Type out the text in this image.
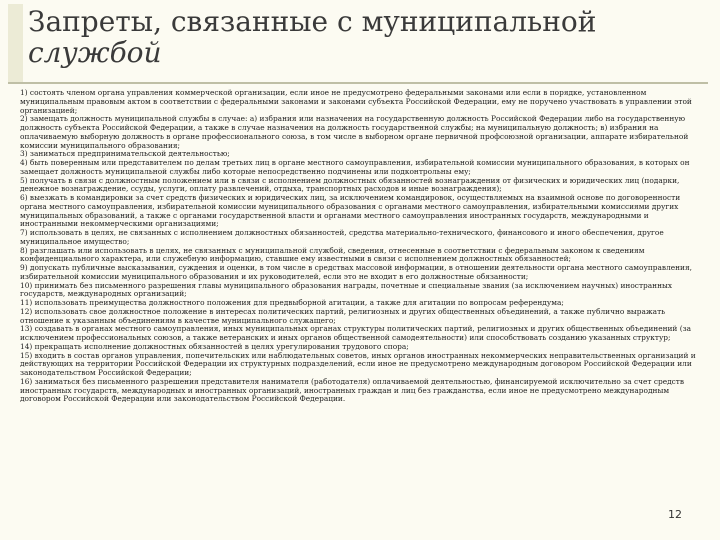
Запреты, связанные с муниципальной
службой

1) состоять членом органа управления коммерческой организации, если иное не предусмотрено федеральными законами или если в порядке, установленном муниципальным правовым актом в соответствии с федеральными законами и законами субъекта Российской Федерации, ему не поручено участвовать в управлении этой организацией;

2) замещать должность муниципальной службы в случае: а) избрания или назначения на государственную должность Российской Федерации либо на государственную должность субъекта Российской Федерации, а также в случае назначения на должность государственной службы; на муниципальную должность; в) избрания на оплачиваемую выборную должность в органе профессионального союза, в том числе в выборном органе первичной профсоюзной организации, аппарате избирательной комиссии муниципального образования;

3) заниматься предпринимательской деятельностью;

4) быть поверенным или представителем по делам третьих лиц в органе местного самоуправления, избирательной комиссии муниципального образования, в которых он замещает должность муниципальной службы либо которые непосредственно подчинены или подконтрольны ему;

5) получать в связи с должностным положением или в связи с исполнением должностных обязанностей вознаграждения от физических и юридических лиц (подарки, денежное вознаграждение, ссуды, услуги, оплату развлечений, отдыха, транспортных расходов и иные вознаграждения);

6) выезжать в командировки за счет средств физических и юридических лиц, за исключением командировок, осуществляемых на взаимной основе по договоренности органа местного самоуправления, избирательной комиссии муниципального образования с органами местного самоуправления, избирательными комиссиями других муниципальных образований, а также с органами государственной власти и органами местного самоуправления иностранных государств, международными и иностранными некоммерческими организациями;

7) использовать в целях, не связанных с исполнением должностных обязанностей, средства материально-технического, финансового и иного обеспечения, другое муниципальное имущество;

8) разглашать или использовать в целях, не связанных с муниципальной службой, сведения, отнесенные в соответствии с федеральным законом к сведениям конфиденциального характера, или служебную информацию, ставшие ему известными в связи с исполнением должностных обязанностей;

9) допускать публичные высказывания, суждения и оценки, в том числе в средствах массовой информации, в отношении деятельности органа местного самоуправления, избирательной комиссии муниципального образования и их руководителей, если это не входит в его должностные обязанности;

10) принимать без письменного разрешения главы муниципального образования награды, почетные и специальные звания (за исключением научных) иностранных государств, международных организаций;

11) использовать преимущества должностного положения для предвыборной агитации, а также для агитации по вопросам референдума;

12) использовать свое должностное положение в интересах политических партий, религиозных и других общественных объединений, а также публично выражать отношение к указанным объединениям в качестве муниципального служащего;

13) создавать в органах местного самоуправления, иных муниципальных органах структуры политических партий, религиозных и других общественных объединений (за исключением профессиональных союзов, а также ветеранских и иных органов общественной самодеятельности) или способствовать созданию указанных структур;

14) прекращать исполнение должностных обязанностей в целях урегулирования трудового спора;

15) входить в состав органов управления, попечительских или наблюдательных советов, иных органов иностранных некоммерческих неправительственных организаций и действующих на территории Российской Федерации их структурных подразделений, если иное не предусмотрено международным договором Российской Федерации или законодательством Российской Федерации;

16) заниматься без письменного разрешения представителя нанимателя (работодателя) оплачиваемой деятельностью, финансируемой исключительно за счет средств иностранных государств, международных и иностранных организаций, иностранных граждан и лиц без гражданства, если иное не предусмотрено международным договором Российской Федерации или законодательством Российской Федерации.

12
